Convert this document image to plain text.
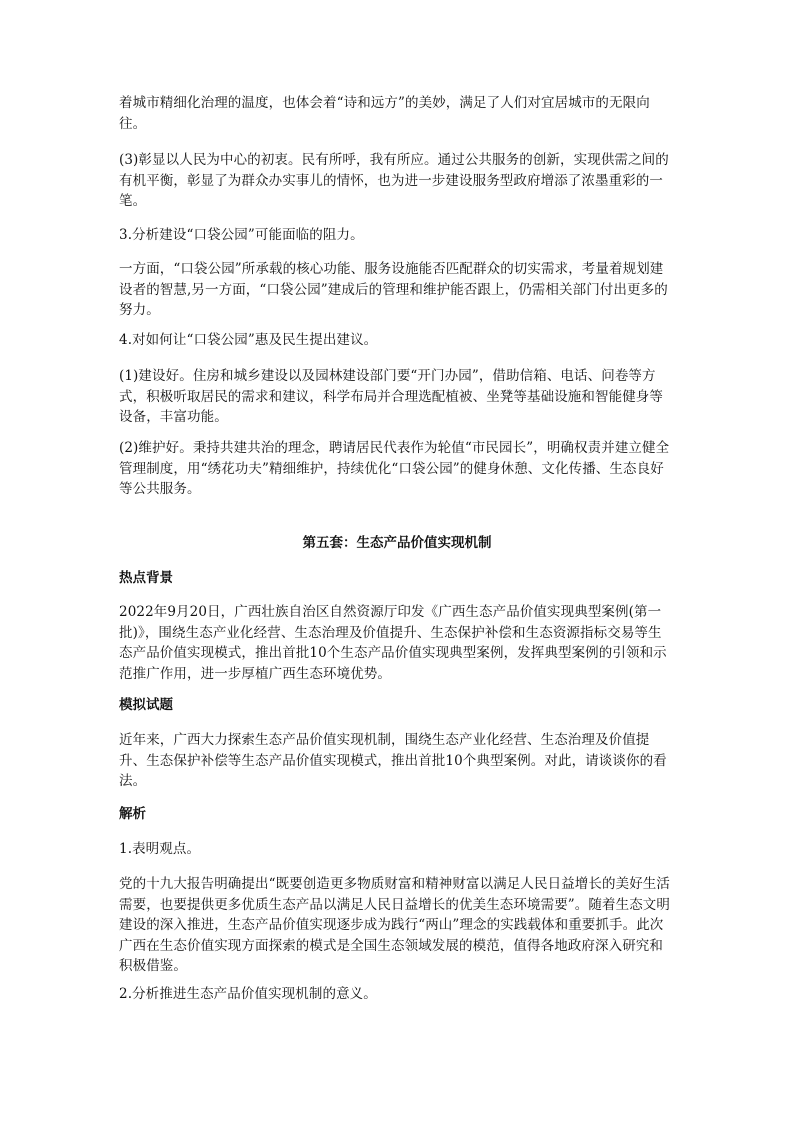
着城市精细化治理的温度，也体会着“诗和远方”的美妙，满足了人们对宜居城市的无限向往。

(3)彰显以人民为中心的初衷。民有所呼，我有所应。通过公共服务的创新，实现供需之间的有机平衡，彰显了为群众办实事儿的情怀，也为进一步建设服务型政府增添了浓墨重彩的一笔。

3.分析建设“口袋公园”可能面临的阻力。

一方面，“口袋公园”所承载的核心功能、服务设施能否匹配群众的切实需求，考量着规划建设者的智慧,另一方面，“口袋公园”建成后的管理和维护能否跟上，仍需相关部门付出更多的努力。

4.对如何让“口袋公园”惠及民生提出建议。

(1)建设好。住房和城乡建设以及园林建设部门要“开门办园”，借助信箱、电话、问卷等方式，积极听取居民的需求和建议，科学布局并合理选配植被、坐凳等基础设施和智能健身等设备，丰富功能。

(2)维护好。秉持共建共治的理念，聘请居民代表作为轮值“市民园长”，明确权责并建立健全管理制度，用“绣花功夫”精细维护，持续优化“口袋公园”的健身休憩、文化传播、生态良好等公共服务。

第五套：生态产品价值实现机制

热点背景

2022年9月20日，广西壮族自治区自然资源厅印发《广西生态产品价值实现典型案例(第一批)》，围绕生态产业化经营、生态治理及价值提升、生态保护补偿和生态资源指标交易等生态产品价值实现模式，推出首批10个生态产品价值实现典型案例，发挥典型案例的引领和示范推广作用，进一步厚植广西生态环境优势。

模拟试题

近年来，广西大力探索生态产品价值实现机制，围绕生态产业化经营、生态治理及价值提升、生态保护补偿等生态产品价值实现模式，推出首批10个典型案例。对此，请谈谈你的看法。

解析

1.表明观点。

党的十九大报告明确提出“既要创造更多物质财富和精神财富以满足人民日益增长的美好生活需要，也要提供更多优质生态产品以满足人民日益增长的优美生态环境需要”。随着生态文明建设的深入推进，生态产品价值实现逐步成为践行“两山”理念的实践载体和重要抓手。此次广西在生态价值实现方面探索的模式是全国生态领域发展的模范，值得各地政府深入研究和积极借鉴。

2.分析推进生态产品价值实现机制的意义。
